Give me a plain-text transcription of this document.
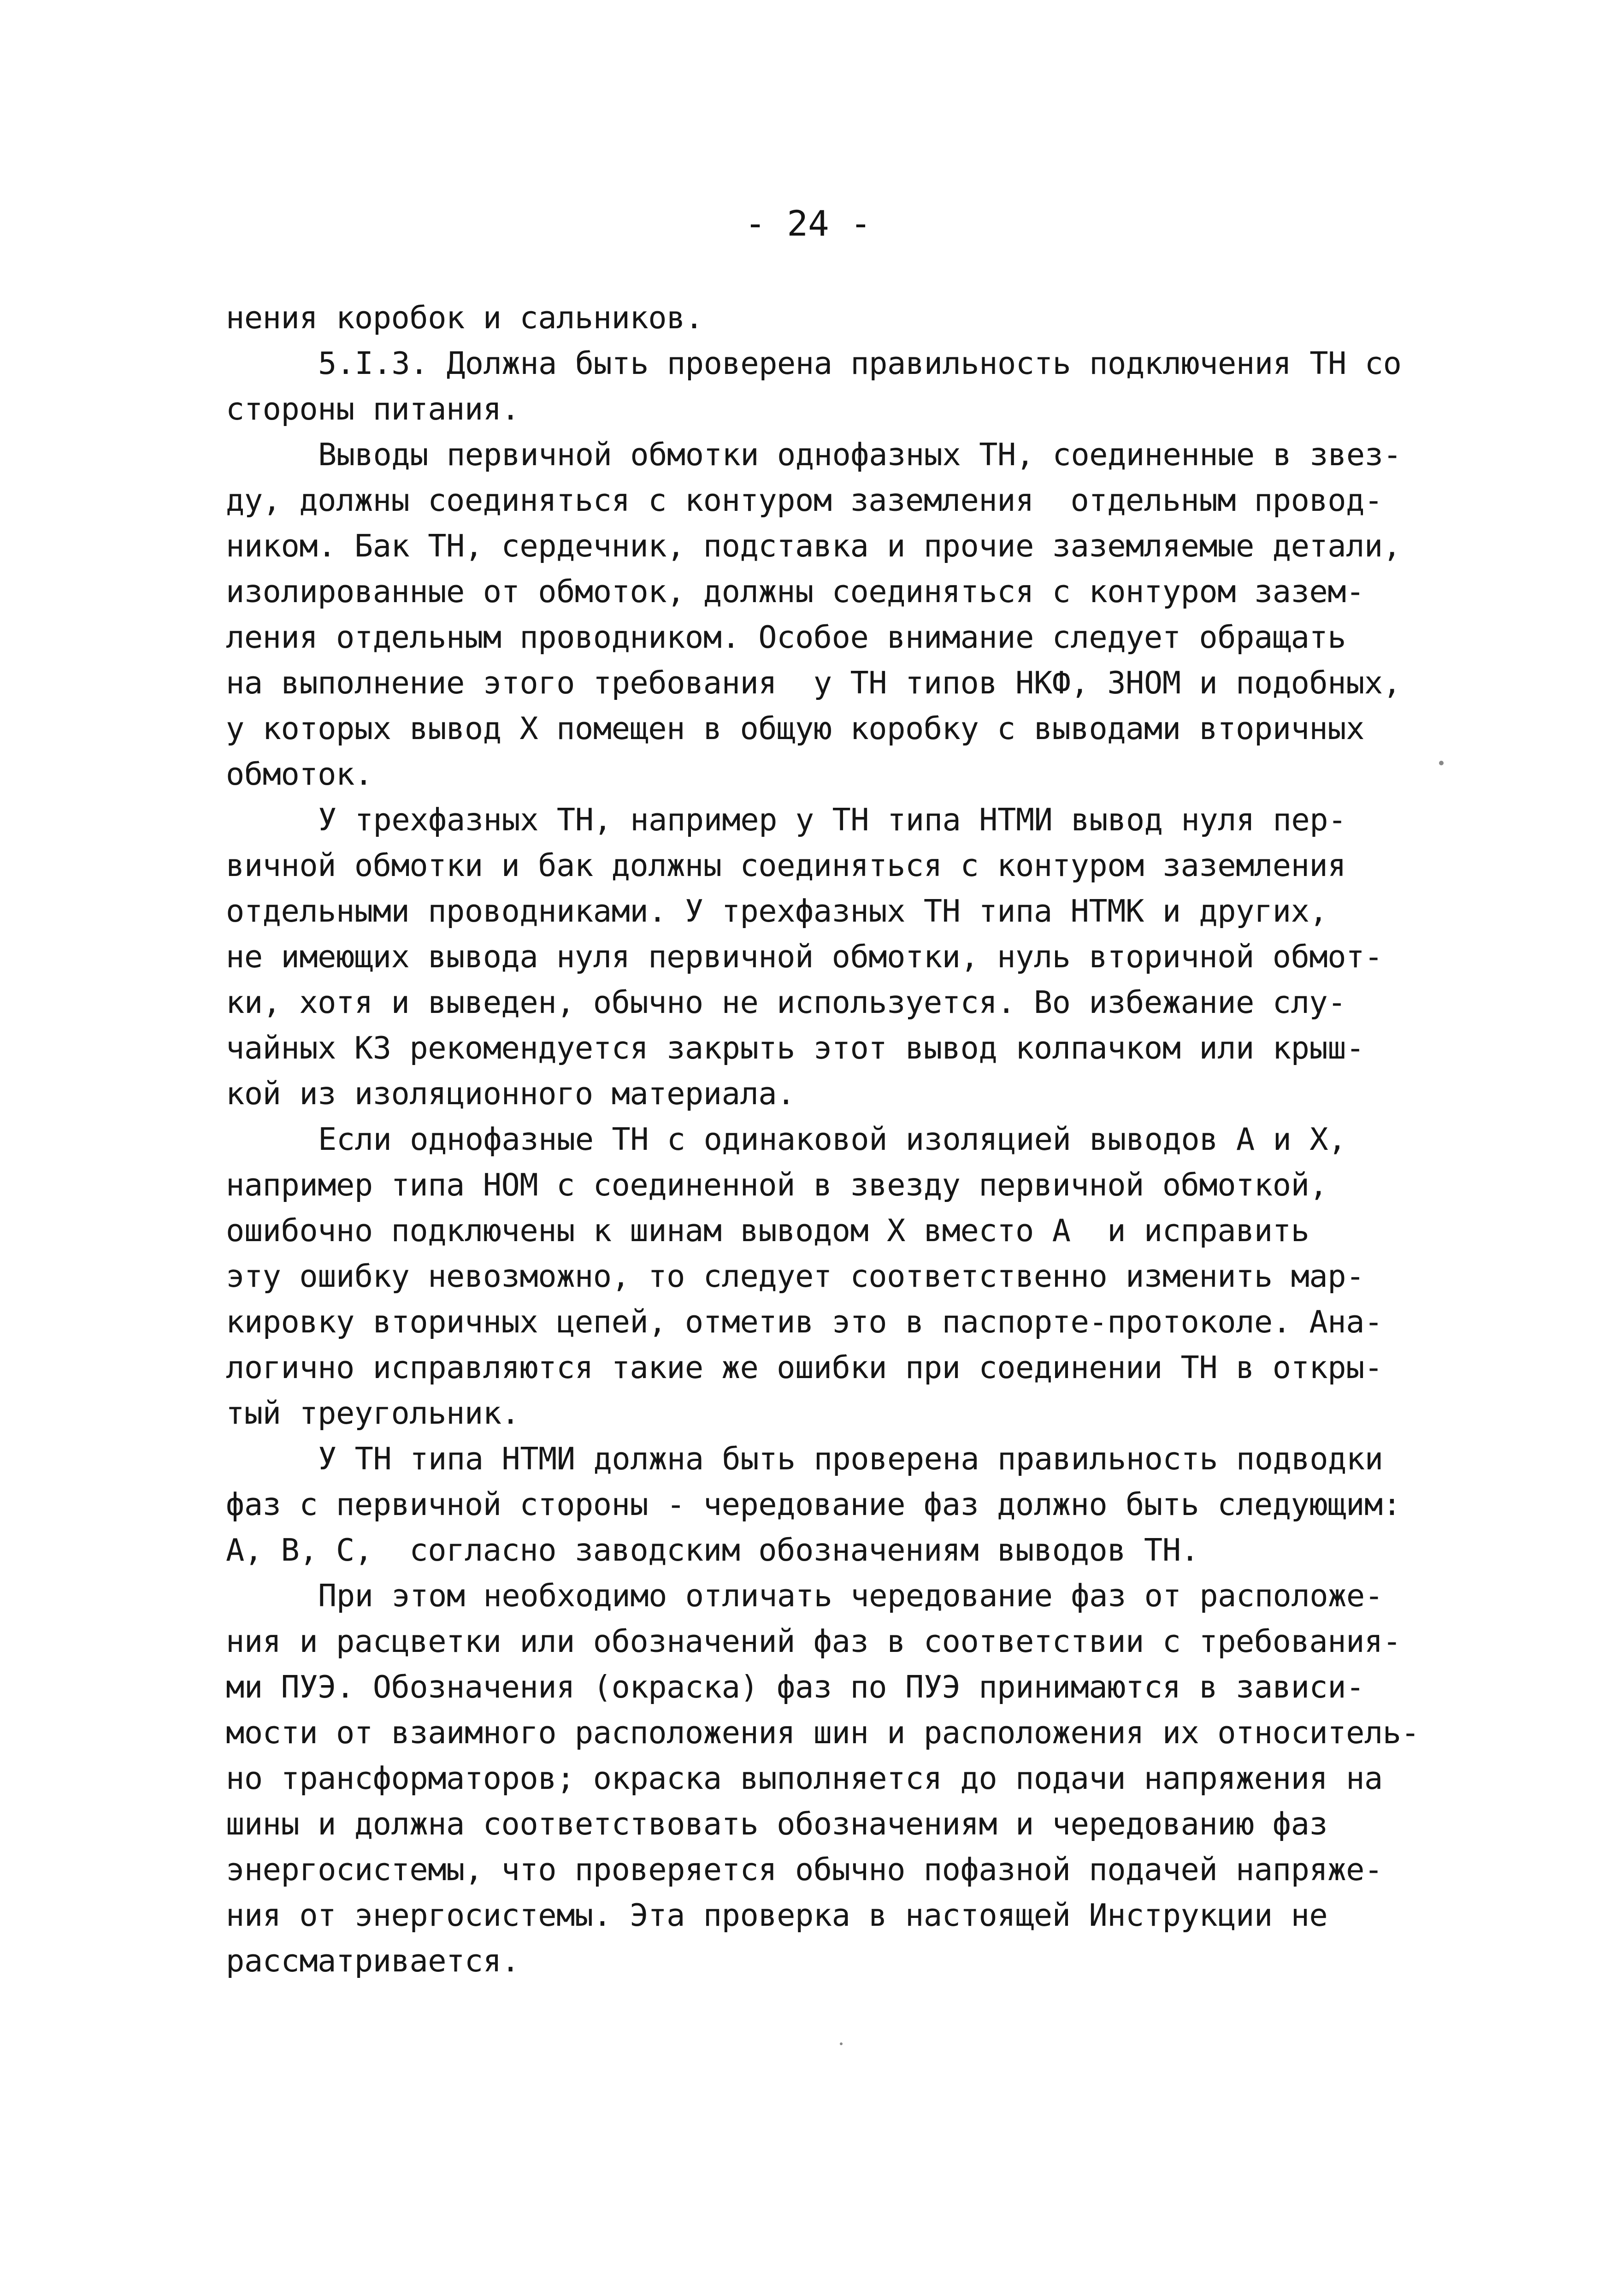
- 24 -
нения коробок и сальников.
5.I.3. Должна быть проверена правильность подключения ТН со
стороны питания.
Выводы первичной обмотки однофазных ТН, соединенные в звез-
ду, должны соединяться с контуром заземления  отдельным провод-
ником. Бак ТН, сердечник, подставка и прочие заземляемые детали,
изолированные от обмоток, должны соединяться с контуром зазем-
ления отдельным проводником. Особое внимание следует обращать
на выполнение этого требования  у ТН типов НКФ, ЗНОМ и подобных,
у которых вывод X помещен в общую коробку с выводами вторичных
обмоток.
У трехфазных ТН, например у ТН типа НТМИ вывод нуля пер-
вичной обмотки и бак должны соединяться с контуром заземления
отдельными проводниками. У трехфазных ТН типа НТМК и других,
не имеющих вывода нуля первичной обмотки, нуль вторичной обмот-
ки, хотя и выведен, обычно не используется. Во избежание слу-
чайных КЗ рекомендуется закрыть этот вывод колпачком или крыш-
кой из изоляционного материала.
Если однофазные ТН с одинаковой изоляцией выводов A и X,
например типа НОМ с соединенной в звезду первичной обмоткой,
ошибочно подключены к шинам выводом X вместо A  и исправить
эту ошибку невозможно, то следует соответственно изменить мар-
кировку вторичных цепей, отметив это в паспорте-протоколе. Ана-
логично исправляются такие же ошибки при соединении ТН в откры-
тый треугольник.
У ТН типа НТМИ должна быть проверена правильность подводки
фаз с первичной стороны - чередование фаз должно быть следующим:
A, B, C,  согласно заводским обозначениям выводов ТН.
При этом необходимо отличать чередование фаз от расположе-
ния и расцветки или обозначений фаз в соответствии с требования-
ми ПУЭ. Обозначения (окраска) фаз по ПУЭ принимаются в зависи-
мости от взаимного расположения шин и расположения их относитель-
но трансформаторов; окраска выполняется до подачи напряжения на
шины и должна соответствовать обозначениям и чередованию фаз
энергосистемы, что проверяется обычно пофазной подачей напряже-
ния от энергосистемы. Эта проверка в настоящей Инструкции не
рассматривается.
